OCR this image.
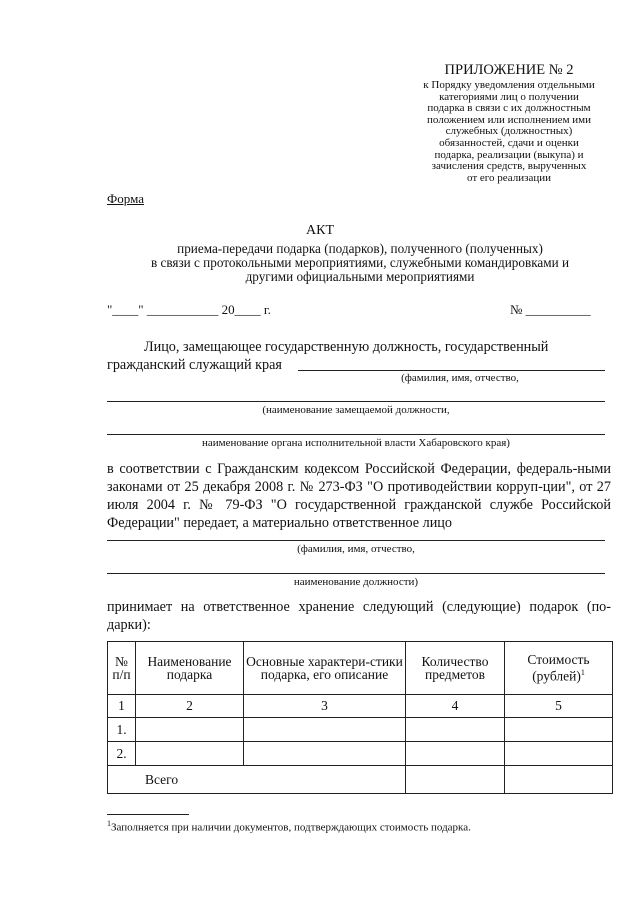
ПРИЛОЖЕНИЕ № 2
к Порядку уведомления отдельными
категориями лиц о получении
подарка в связи с их должностным
положением или исполнением ими
служебных (должностных)
обязанностей, сдачи и оценки
подарка, реализации (выкупа) и
зачисления средств, вырученных
от его реализации
Форма
АКТ
приема-передачи подарка (подарков), полученного (полученных)
в связи с протокольными мероприятиями, служебными командировками и
другими официальными мероприятиями
"____" ___________ 20____ г.	№ __________
Лицо, замещающее государственную должность, государственный
гражданский служащий края
(фамилия, имя, отчество,
(наименование замещаемой должности,
наименование органа исполнительной власти Хабаровского края)
в соответствии с Гражданским кодексом Российской Федерации, федераль-ными законами от 25 декабря 2008 г. № 273-ФЗ "О противодействии корруп-ции", от 27 июля 2004 г. № 79-ФЗ "О государственной гражданской службе Российской Федерации" передает, а материально ответственное лицо
(фамилия, имя, отчество,
наименование должности)
принимает на ответственное хранение следующий (следующие) подарок (по-дарки):
№ п/п	Наименование подарка	Основные характери-стики подарка, его описание	Количество предметов	Стоимость (рублей)$^1$
1	2	3	4	5
1.				
2.				
Всего				
$^1$Заполняется при наличии документов, подтверждающих стоимость подарка.
